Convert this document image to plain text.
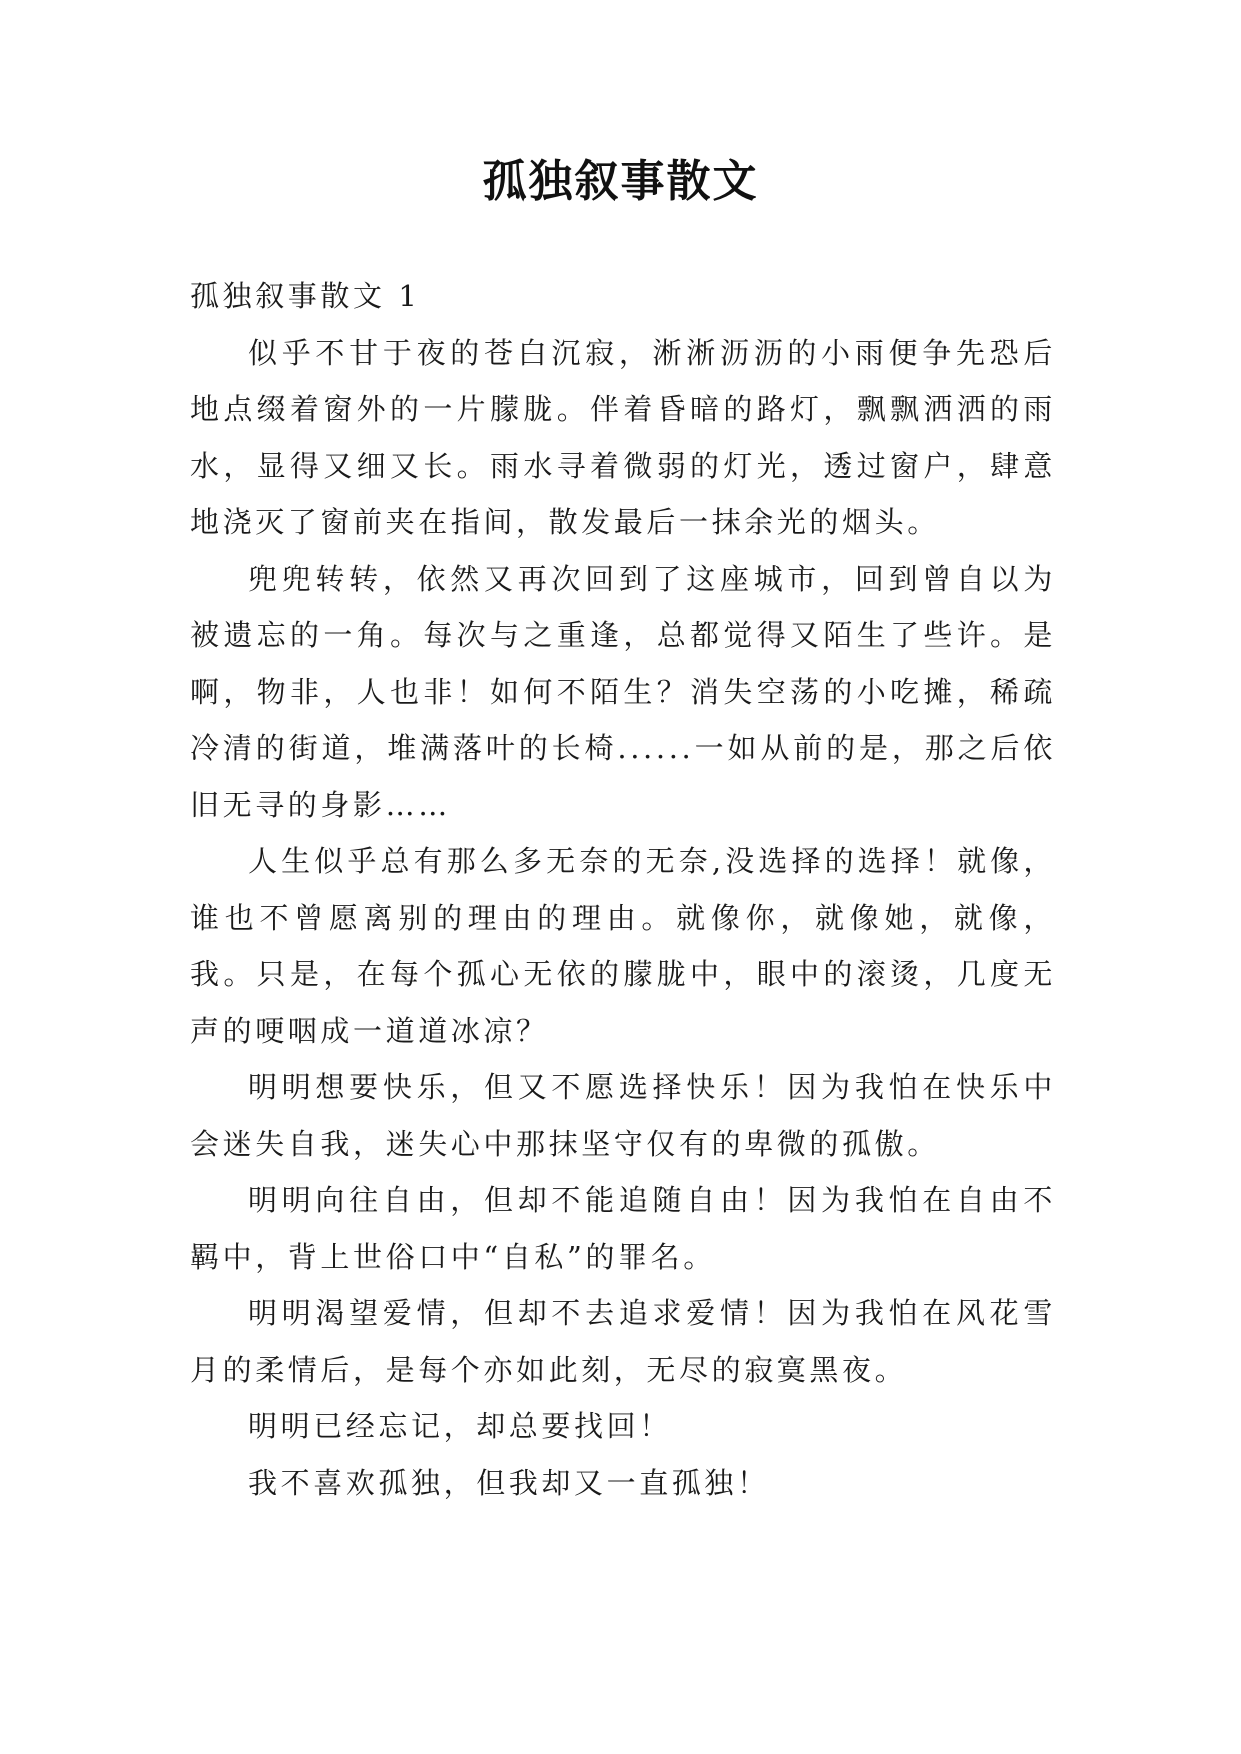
孤独叙事散文
孤独叙事散文 1

似乎不甘于夜的苍白沉寂，淅淅沥沥的小雨便争先恐后地点缀着窗外的一片朦胧。伴着昏暗的路灯，飘飘洒洒的雨水，显得又细又长。雨水寻着微弱的灯光，透过窗户，肆意地浇灭了窗前夹在指间，散发最后一抹余光的烟头。

兜兜转转，依然又再次回到了这座城市，回到曾自以为被遗忘的一角。每次与之重逢，总都觉得又陌生了些许。是啊，物非，人也非！如何不陌生？消失空荡的小吃摊，稀疏冷清的街道，堆满落叶的长椅......一如从前的是，那之后依旧无寻的身影……

人生似乎总有那么多无奈的无奈,没选择的选择！就像，谁也不曾愿离别的理由的理由。就像你，就像她，就像，我。只是，在每个孤心无依的朦胧中，眼中的滚烫，几度无声的哽咽成一道道冰凉？

明明想要快乐，但又不愿选择快乐！因为我怕在快乐中会迷失自我，迷失心中那抹坚守仅有的卑微的孤傲。

明明向往自由，但却不能追随自由！因为我怕在自由不羁中，背上世俗口中“自私”的罪名。

明明渴望爱情，但却不去追求爱情！因为我怕在风花雪月的柔情后，是每个亦如此刻，无尽的寂寞黑夜。

明明已经忘记，却总要找回！

我不喜欢孤独，但我却又一直孤独！
